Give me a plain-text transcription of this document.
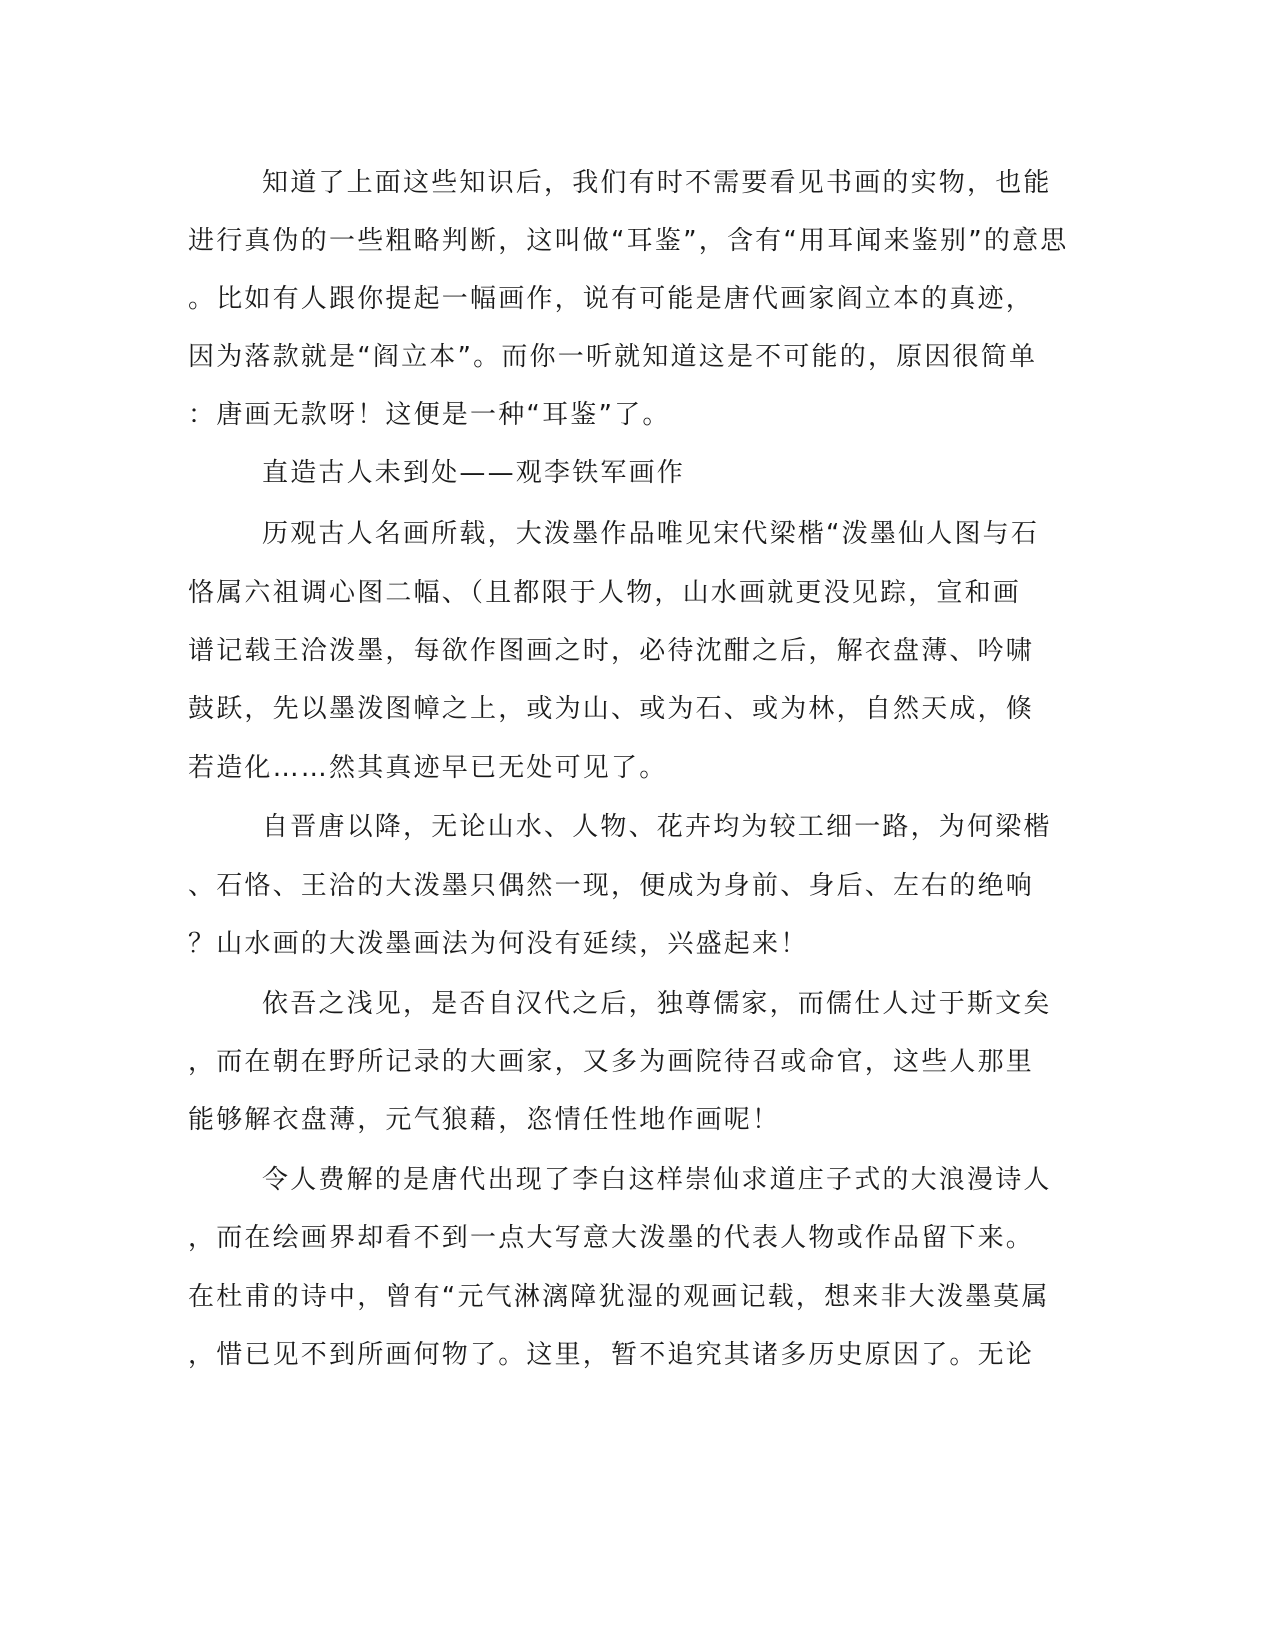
知道了上面这些知识后，我们有时不需要看见书画的实物，也能
进行真伪的一些粗略判断，这叫做“耳鉴”，含有“用耳闻来鉴别”的意思
。比如有人跟你提起一幅画作，说有可能是唐代画家阎立本的真迹，
因为落款就是“阎立本”。而你一听就知道这是不可能的，原因很简单
：唐画无款呀！这便是一种“耳鉴”了。
直造古人未到处——观李铁军画作
历观古人名画所载，大泼墨作品唯见宋代梁楷“泼墨仙人图与石
恪属六祖调心图二幅、（且都限于人物，山水画就更没见踪，宣和画
谱记载王洽泼墨，每欲作图画之时，必待沈酣之后，解衣盘薄、吟啸
鼓跃，先以墨泼图幛之上，或为山、或为石、或为林，自然天成，倏
若造化……然其真迹早已无处可见了。
自晋唐以降，无论山水、人物、花卉均为较工细一路，为何梁楷
、石恪、王洽的大泼墨只偶然一现，便成为身前、身后、左右的绝响
？山水画的大泼墨画法为何没有延续，兴盛起来！
依吾之浅见，是否自汉代之后，独尊儒家，而儒仕人过于斯文矣
，而在朝在野所记录的大画家，又多为画院待召或命官，这些人那里
能够解衣盘薄，元气狼藉，恣情任性地作画呢！
令人费解的是唐代出现了李白这样崇仙求道庄子式的大浪漫诗人
，而在绘画界却看不到一点大写意大泼墨的代表人物或作品留下来。
在杜甫的诗中，曾有“元气淋漓障犹湿的观画记载，想来非大泼墨莫属
，惜已见不到所画何物了。这里，暂不追究其诸多历史原因了。无论
